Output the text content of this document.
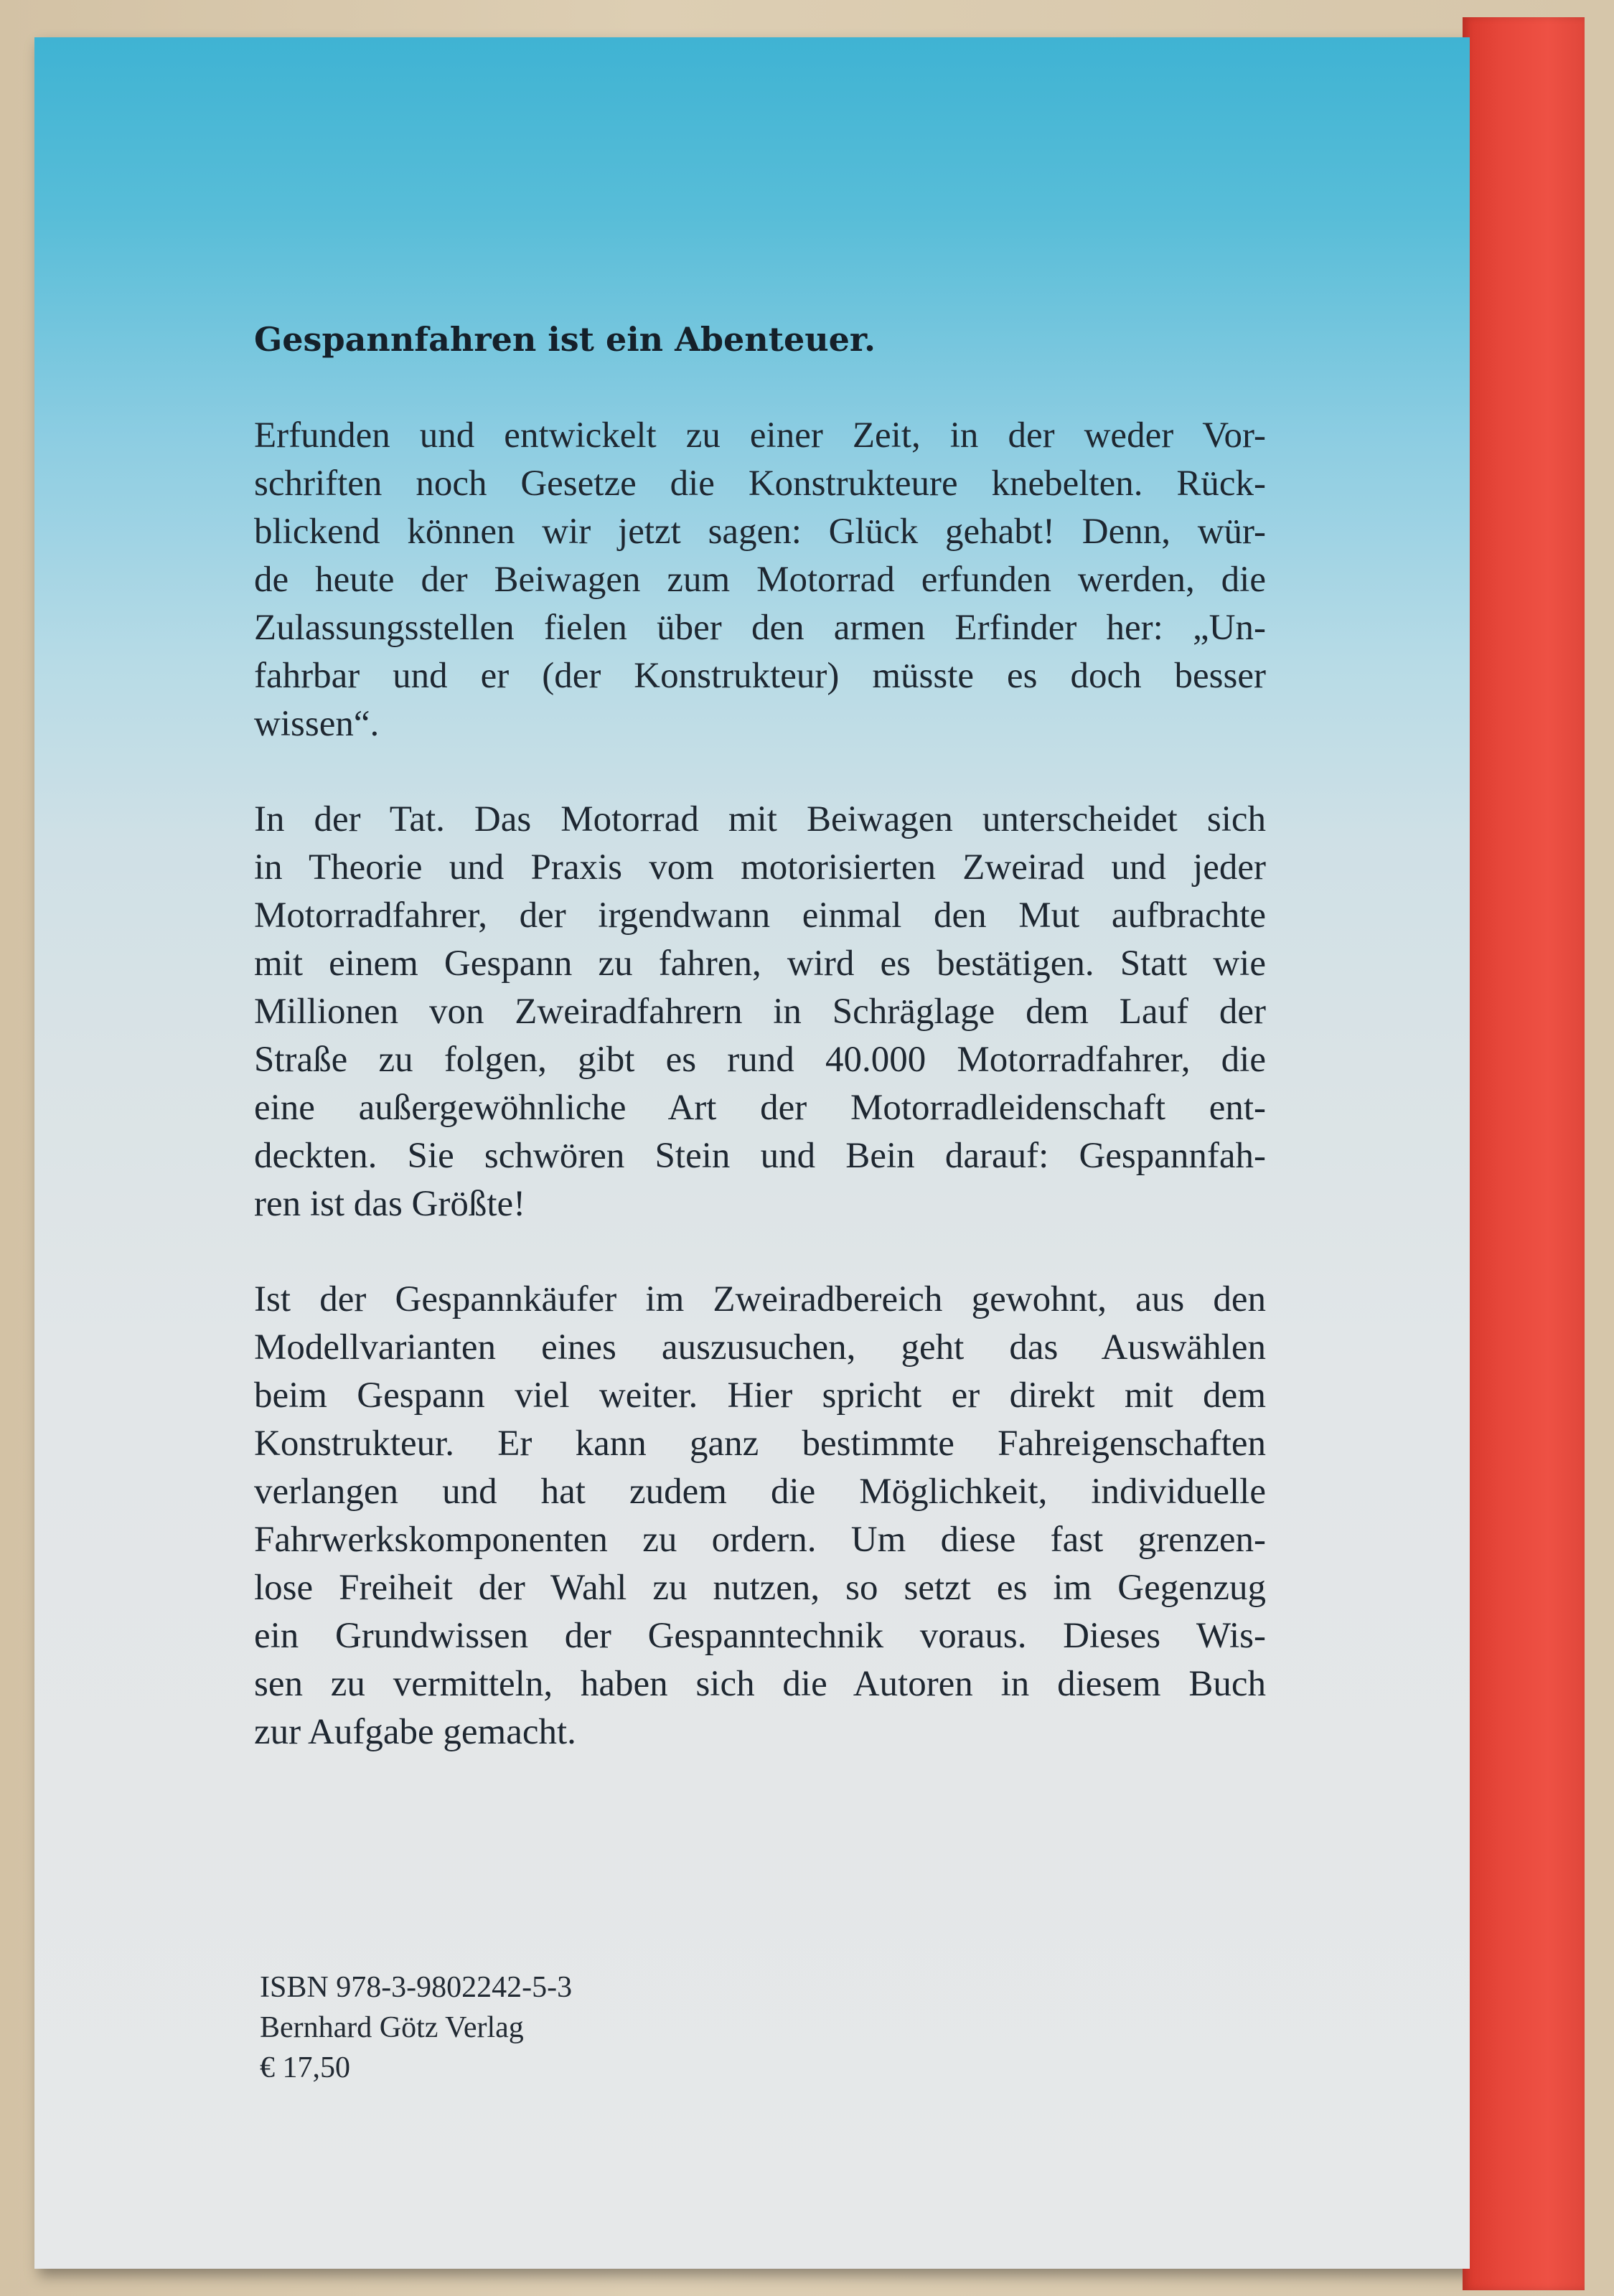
Gespannfahren ist ein Abenteuer.
Erfunden und entwickelt zu einer Zeit, in der weder Vor-
schriften noch Gesetze die Konstrukteure knebelten. Rück-
blickend können wir jetzt sagen: Glück gehabt! Denn, wür-
de heute der Beiwagen zum Motorrad erfunden werden, die
Zulassungsstellen fielen über den armen Erfinder her: „Un-
fahrbar und er (der Konstrukteur) müsste es doch besser
wissen“.
In der Tat. Das Motorrad mit Beiwagen unterscheidet sich
in Theorie und Praxis vom motorisierten Zweirad und jeder
Motorradfahrer, der irgendwann einmal den Mut aufbrachte
mit einem Gespann zu fahren, wird es bestätigen. Statt wie
Millionen von Zweiradfahrern in Schräglage dem Lauf der
Straße zu folgen, gibt es rund 40.000 Motorradfahrer, die
eine außergewöhnliche Art der Motorradleidenschaft ent-
deckten. Sie schwören Stein und Bein darauf: Gespannfah-
ren ist das Größte!
Ist der Gespannkäufer im Zweiradbereich gewohnt, aus den
Modellvarianten eines auszusuchen, geht das Auswählen
beim Gespann viel weiter. Hier spricht er direkt mit dem
Konstrukteur. Er kann ganz bestimmte Fahreigenschaften
verlangen und hat zudem die Möglichkeit, individuelle
Fahrwerkskomponenten zu ordern. Um diese fast grenzen-
lose Freiheit der Wahl zu nutzen, so setzt es im Gegenzug
ein Grundwissen der Gespanntechnik voraus. Dieses Wis-
sen zu vermitteln, haben sich die Autoren in diesem Buch
zur Aufgabe gemacht.
ISBN 978-3-9802242-5-3
Bernhard Götz Verlag
€ 17,50
